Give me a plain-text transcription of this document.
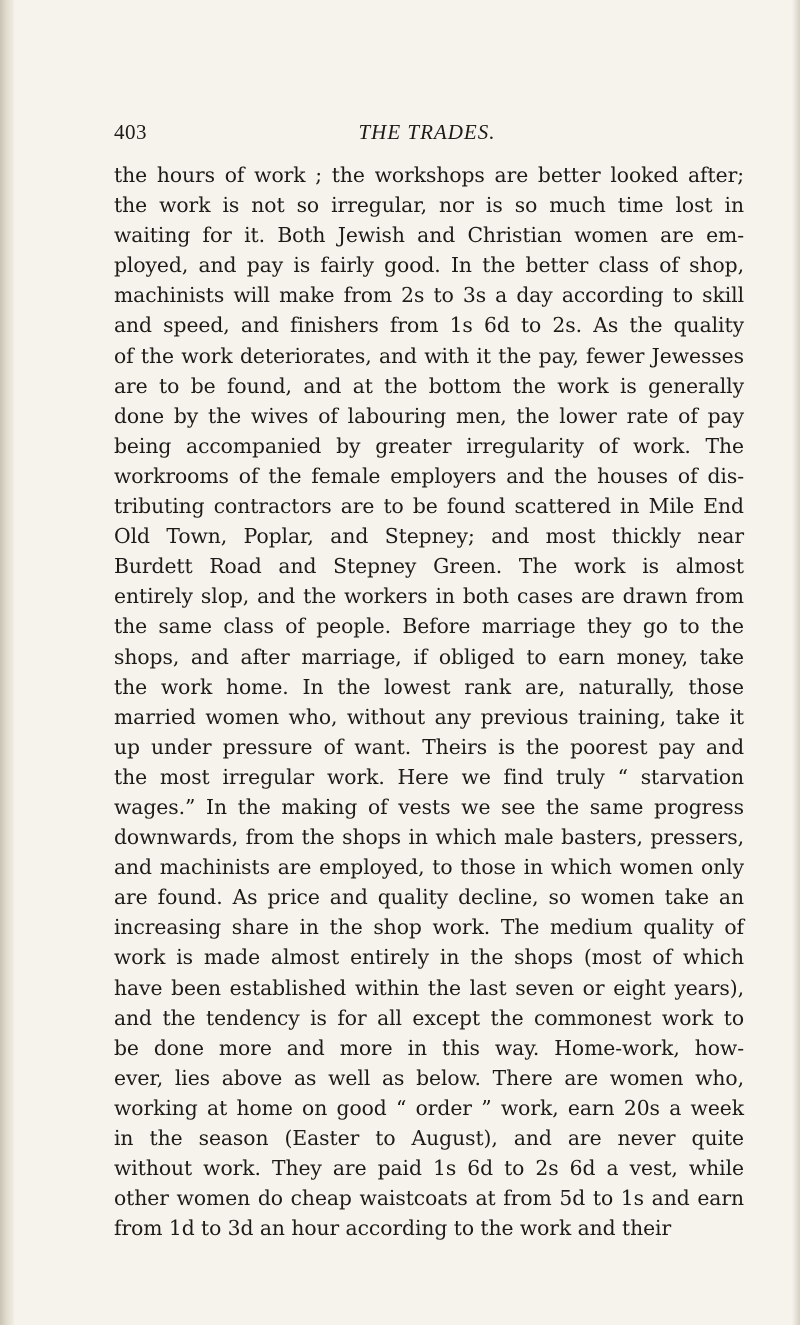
403	THE TRADES.
the hours of work ; the workshops are better looked after;
the work is not so irregular, nor is so much time lost in
waiting for it. Both Jewish and Christian women are em-
ployed, and pay is fairly good. In the better class of shop,
machinists will make from 2s to 3s a day according to skill
and speed, and finishers from 1s 6d to 2s. As the quality
of the work deteriorates, and with it the pay, fewer Jewesses
are to be found, and at the bottom the work is generally
done by the wives of labouring men, the lower rate of pay
being accompanied by greater irregularity of work. The
workrooms of the female employers and the houses of dis-
tributing contractors are to be found scattered in Mile End
Old Town, Poplar, and Stepney; and most thickly near
Burdett Road and Stepney Green. The work is almost
entirely slop, and the workers in both cases are drawn from
the same class of people. Before marriage they go to the
shops, and after marriage, if obliged to earn money, take
the work home. In the lowest rank are, naturally, those
married women who, without any previous training, take it
up under pressure of want. Theirs is the poorest pay and
the most irregular work. Here we find truly “ starvation
wages.” In the making of vests we see the same progress
downwards, from the shops in which male basters, pressers,
and machinists are employed, to those in which women only
are found. As price and quality decline, so women take an
increasing share in the shop work. The medium quality of
work is made almost entirely in the shops (most of which
have been established within the last seven or eight years),
and the tendency is for all except the commonest work to
be done more and more in this way. Home-work, how-
ever, lies above as well as below. There are women who,
working at home on good “ order ” work, earn 20s a week
in the season (Easter to August), and are never quite
without work. They are paid 1s 6d to 2s 6d a vest, while
other women do cheap waistcoats at from 5d to 1s and earn
from 1d to 3d an hour according to the work and their
